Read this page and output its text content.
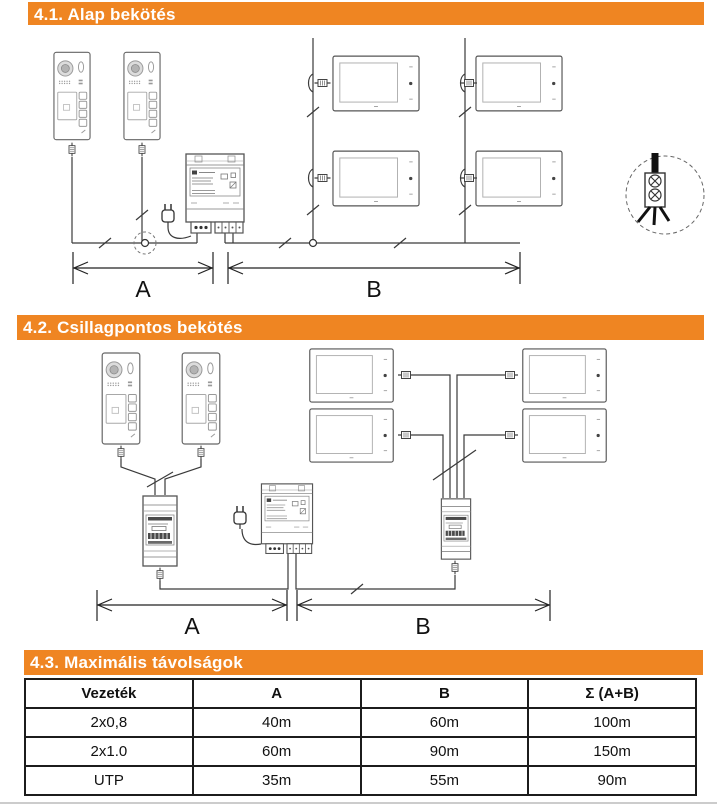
4.1. Alap bekötés
A	B
4.2. Csillagpontos bekötés
A	B
4.3. Maximális távolságok
Vezeték	A	B	Σ (A+B)
2x0,8	40m	60m	100m
2x1.0	60m	90m	150m
UTP	35m	55m	90m
